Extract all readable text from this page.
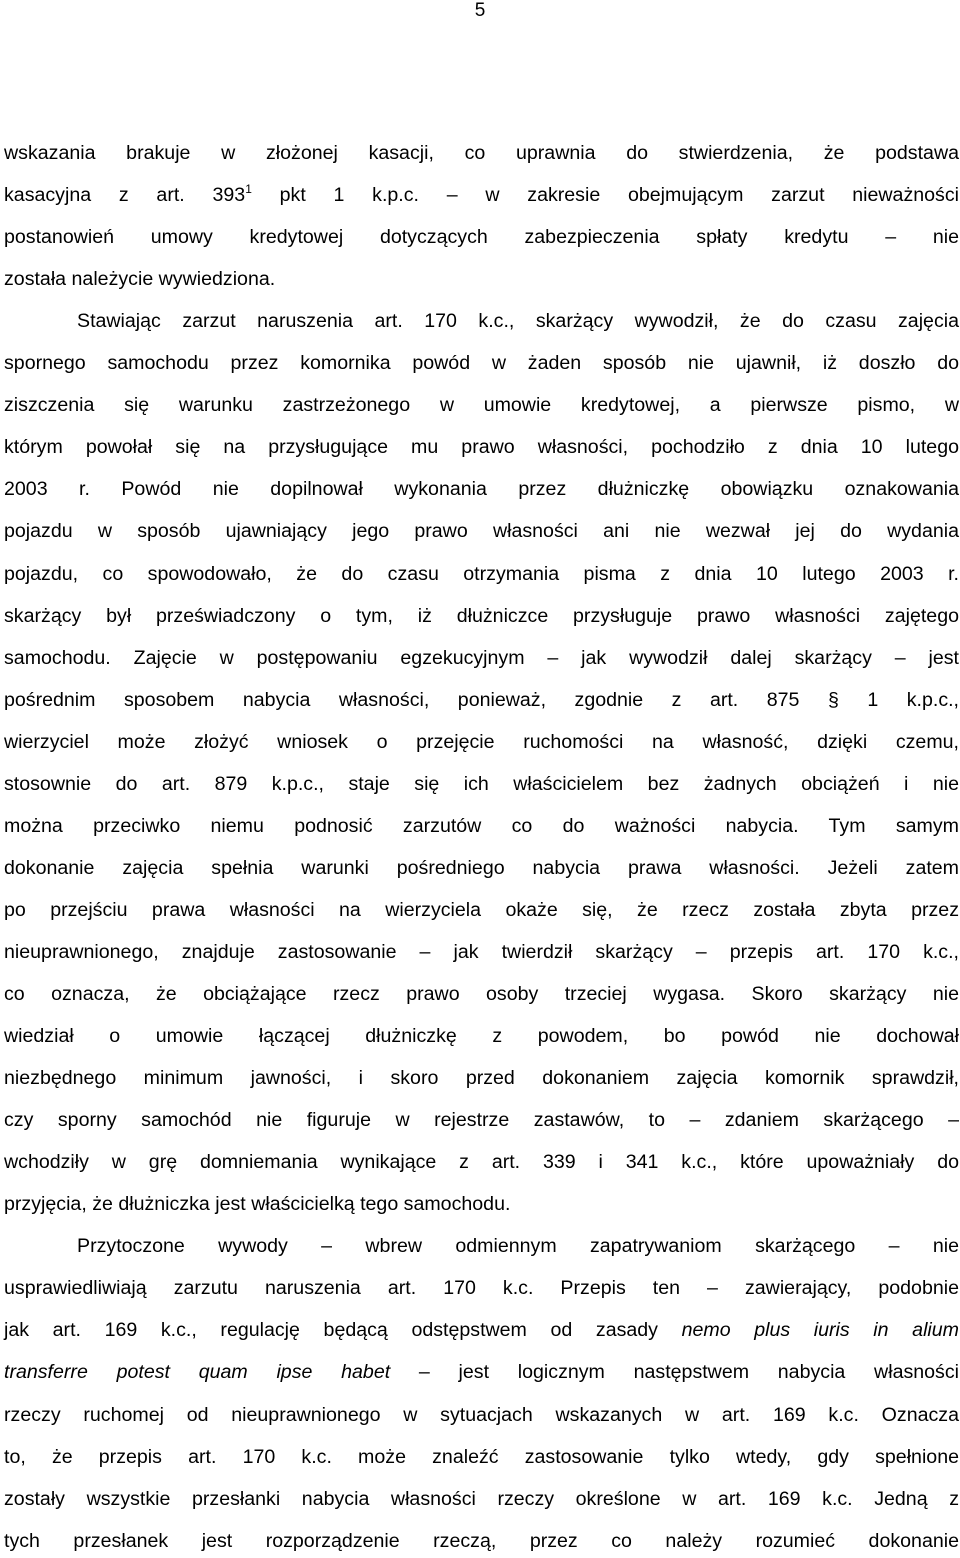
5
wskazania brakuje w złożonej kasacji, co uprawnia do stwierdzenia, że podstawa
kasacyjna z art. $393^1$ pkt 1 k.p.c. – w zakresie obejmującym zarzut nieważności
postanowień umowy kredytowej dotyczących zabezpieczenia spłaty kredytu – nie
została należycie wywiedziona.
Stawiając zarzut naruszenia art. 170 k.c., skarżący wywodził, że do czasu zajęcia
spornego samochodu przez komornika powód w żaden sposób nie ujawnił, iż doszło do
ziszczenia się warunku zastrzeżonego w umowie kredytowej, a pierwsze pismo, w
którym powołał się na przysługujące mu prawo własności, pochodziło z dnia 10 lutego
2003 r. Powód nie dopilnował wykonania przez dłużniczkę obowiązku oznakowania
pojazdu w sposób ujawniający jego prawo własności ani nie wezwał jej do wydania
pojazdu, co spowodowało, że do czasu otrzymania pisma z dnia 10 lutego 2003 r.
skarżący był przeświadczony o tym, iż dłużniczce przysługuje prawo własności zajętego
samochodu. Zajęcie w postępowaniu egzekucyjnym – jak wywodził dalej skarżący – jest
pośrednim sposobem nabycia własności, ponieważ, zgodnie z art. 875 § 1 k.p.c.,
wierzyciel może złożyć wniosek o przejęcie ruchomości na własność, dzięki czemu,
stosownie do art. 879 k.p.c., staje się ich właścicielem bez żadnych obciążeń i nie
można przeciwko niemu podnosić zarzutów co do ważności nabycia. Tym samym
dokonanie zajęcia spełnia warunki pośredniego nabycia prawa własności. Jeżeli zatem
po przejściu prawa własności na wierzyciela okaże się, że rzecz została zbyta przez
nieuprawnionego, znajduje zastosowanie – jak twierdził skarżący – przepis art. 170 k.c.,
co oznacza, że obciążające rzecz prawo osoby trzeciej wygasa. Skoro skarżący nie
wiedział o umowie łączącej dłużniczkę z powodem, bo powód nie dochował
niezbędnego minimum jawności, i skoro przed dokonaniem zajęcia komornik sprawdził,
czy sporny samochód nie figuruje w rejestrze zastawów, to – zdaniem skarżącego –
wchodziły w grę domniemania wynikające z art. 339 i 341 k.c., które upoważniały do
przyjęcia, że dłużniczka jest właścicielką tego samochodu.
Przytoczone wywody – wbrew odmiennym zapatrywaniom skarżącego – nie
usprawiedliwiają zarzutu naruszenia art. 170 k.c. Przepis ten – zawierający, podobnie
jak art. 169 k.c., regulację będącą odstępstwem od zasady nemo plus iuris in alium
transferre potest quam ipse habet – jest logicznym następstwem nabycia własności
rzeczy ruchomej od nieuprawnionego w sytuacjach wskazanych w art. 169 k.c. Oznacza
to, że przepis art. 170 k.c. może znaleźć zastosowanie tylko wtedy, gdy spełnione
zostały wszystkie przesłanki nabycia własności rzeczy określone w art. 169 k.c. Jedną z
tych przesłanek jest rozporządzenie rzeczą, przez co należy rozumieć dokonanie
